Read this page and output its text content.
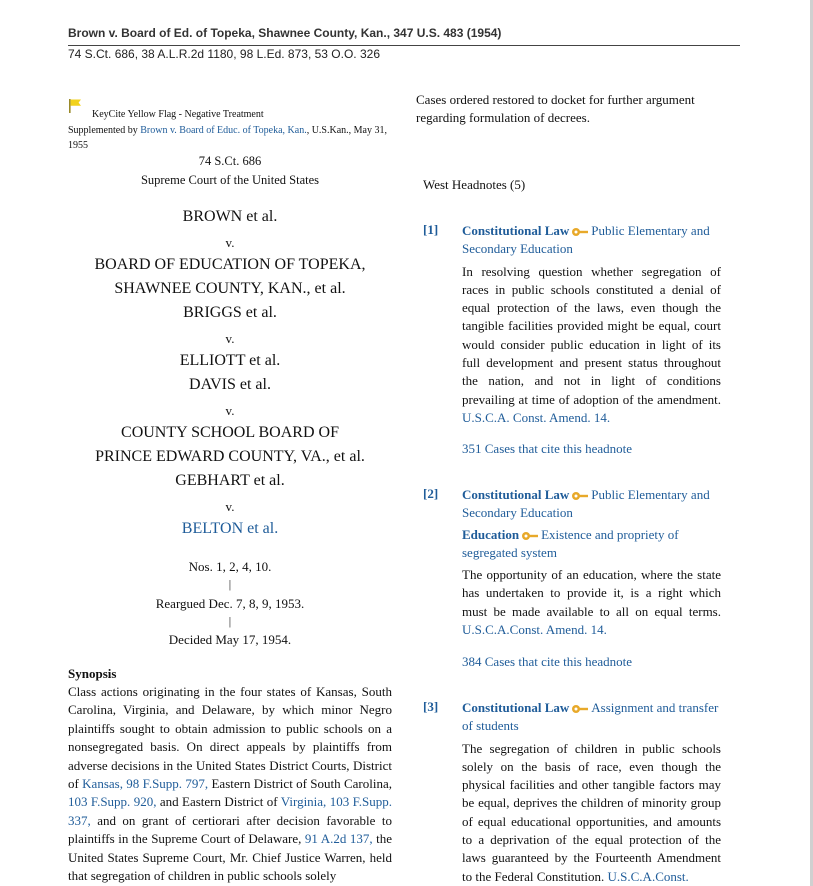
Brown v. Board of Ed. of Topeka, Shawnee County, Kan., 347 U.S. 483 (1954)
74 S.Ct. 686, 38 A.L.R.2d 1180, 98 L.Ed. 873, 53 O.O. 326
KeyCite Yellow Flag - Negative Treatment
Supplemented by Brown v. Board of Educ. of Topeka, Kan., U.S.Kan., May 31, 1955
74 S.Ct. 686
Supreme Court of the United States
BROWN et al.
v.
BOARD OF EDUCATION OF TOPEKA,
SHAWNEE COUNTY, KAN., et al.
BRIGGS et al.
v.
ELLIOTT et al.
DAVIS et al.
v.
COUNTY SCHOOL BOARD OF
PRINCE EDWARD COUNTY, VA., et al.
GEBHART et al.
v.
BELTON et al.
Nos. 1, 2, 4, 10.
|
Reargued Dec. 7, 8, 9, 1953.
|
Decided May 17, 1954.
Synopsis
Class actions originating in the four states of Kansas, South Carolina, Virginia, and Delaware, by which minor Negro plaintiffs sought to obtain admission to public schools on a nonsegregated basis. On direct appeals by plaintiffs from adverse decisions in the United States District Courts, District of Kansas, 98 F.Supp. 797, Eastern District of South Carolina, 103 F.Supp. 920, and Eastern District of Virginia, 103 F.Supp. 337, and on grant of certiorari after decision favorable to plaintiffs in the Supreme Court of Delaware, 91 A.2d 137, the United States Supreme Court, Mr. Chief Justice Warren, held that segregation of children in public schools solely
Cases ordered restored to docket for further argument regarding formulation of decrees.
West Headnotes (5)
[1] Constitutional Law Public Elementary and Secondary Education
In resolving question whether segregation of races in public schools constituted a denial of equal protection of the laws, even though the tangible facilities provided might be equal, court would consider public education in light of its full development and present status throughout the nation, and not in light of conditions prevailing at time of adoption of the amendment. U.S.C.A. Const. Amend. 14.
351 Cases that cite this headnote
[2] Constitutional Law Public Elementary and Secondary Education
Education Existence and propriety of segregated system
The opportunity of an education, where the state has undertaken to provide it, is a right which must be made available to all on equal terms. U.S.C.A.Const. Amend. 14.
384 Cases that cite this headnote
[3] Constitutional Law Assignment and transfer of students
The segregation of children in public schools solely on the basis of race, even though the physical facilities and other tangible factors may be equal, deprives the children of minority group of equal educational opportunities, and amounts to a deprivation of the equal protection of the laws guaranteed by the Fourteenth Amendment to the Federal Constitution. U.S.C.A.Const.
